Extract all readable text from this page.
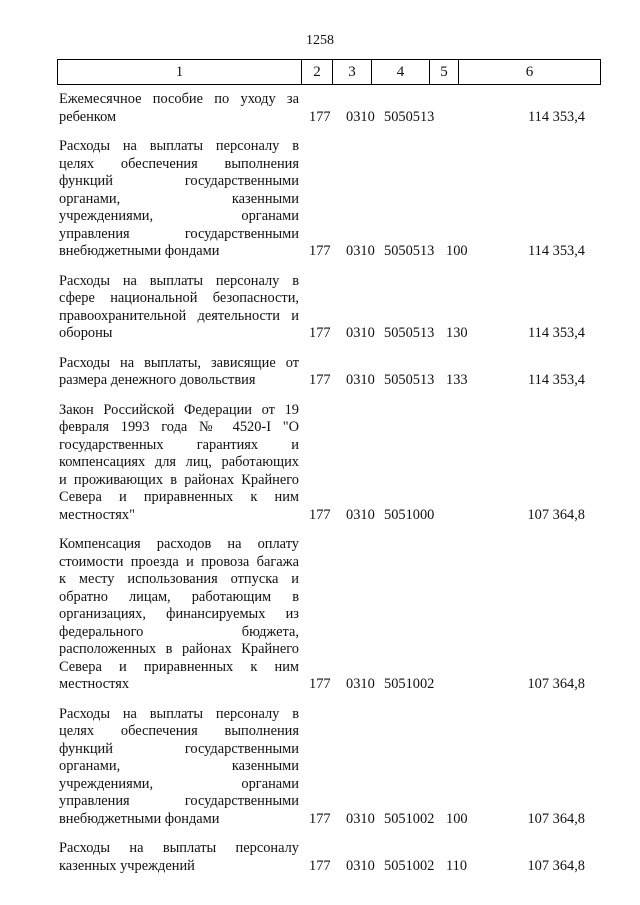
1258
1	2	3	4	5	6
Ежемесячное пособие по уходу за
ребенком	177 0310 5050513	114 353,4
Расходы на выплаты персоналу в
целях обеспечения выполнения
функций государственными
органами, казенными
учреждениями, органами
управления государственными
внебюджетными фондами	177 0310 5050513 100	114 353,4
Расходы на выплаты персоналу в
сфере национальной безопасности,
правоохранительной деятельности и
обороны	177 0310 5050513 130	114 353,4
Расходы на выплаты, зависящие от
размера денежного довольствия	177 0310 5050513 133	114 353,4
Закон Российской Федерации от 19
февраля 1993 года № 4520-I "О
государственных гарантиях и
компенсациях для лиц, работающих
и проживающих в районах Крайнего
Севера и приравненных к ним
местностях"	177 0310 5051000	107 364,8
Компенсация расходов на оплату
стоимости проезда и провоза багажа
к месту использования отпуска и
обратно лицам, работающим в
организациях, финансируемых из
федерального бюджета,
расположенных в районах Крайнего
Севера и приравненных к ним
местностях	177 0310 5051002	107 364,8
Расходы на выплаты персоналу в
целях обеспечения выполнения
функций государственными
органами, казенными
учреждениями, органами
управления государственными
внебюджетными фондами	177 0310 5051002 100	107 364,8
Расходы на выплаты персоналу
казенных учреждений	177 0310 5051002 110	107 364,8
